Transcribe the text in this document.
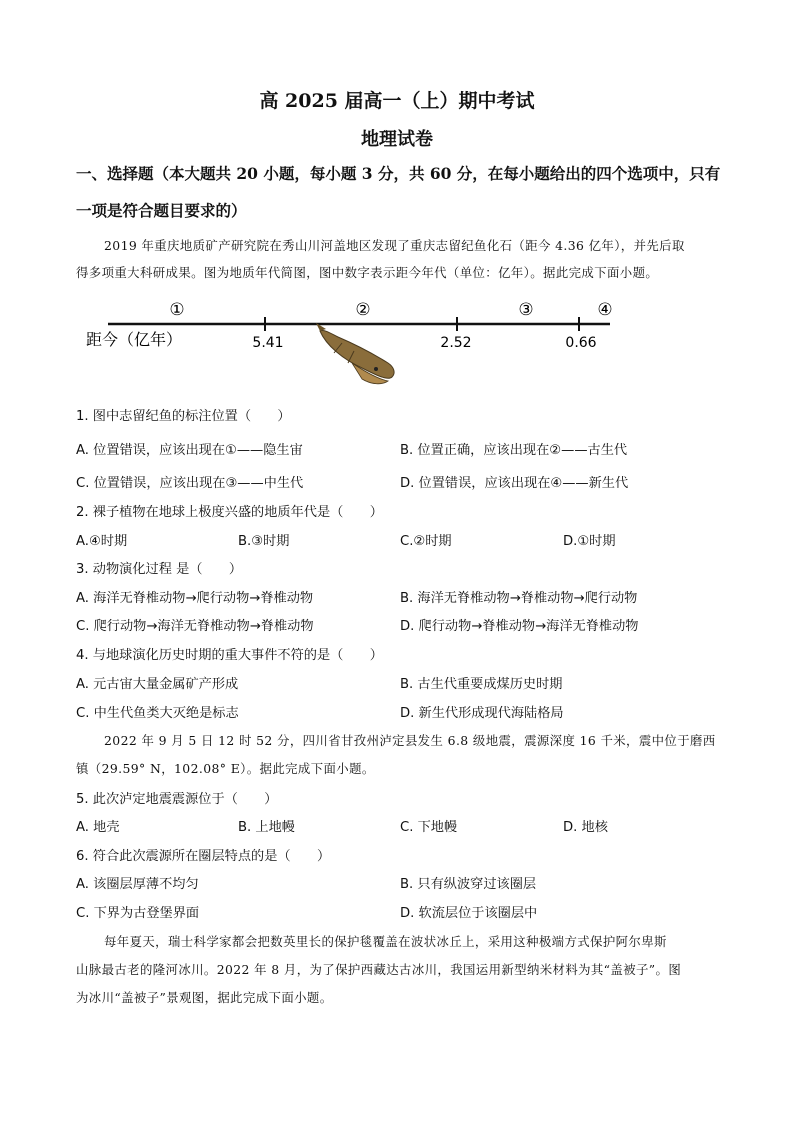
高 2025 届高一（上）期中考试
地理试卷
一、选择题（本大题共 20 小题，每小题 3 分，共 60 分，在每小题给出的四个选项中，只有
一项是符合题目要求的）
2019 年重庆地质矿产研究院在秀山川河盖地区发现了重庆志留纪鱼化石（距今 4.36 亿年），并先后取
得多项重大科研成果。图为地质年代简图，图中数字表示距今年代（单位：亿年）。据此完成下面小题。
①	②	③	④
距今（亿年）	5.41	2.52	0.66
1. 图中志留纪鱼的标注位置（　　）
A. 位置错误，应该出现在①——隐生宙	B. 位置正确，应该出现在②——古生代
C. 位置错误，应该出现在③——中生代	D. 位置错误，应该出现在④——新生代
2. 裸子植物在地球上极度兴盛的地质年代是（　　）
A.④时期	B.③时期	C.②时期	D.①时期
3. 动物演化过程 是（　　）
A. 海洋无脊椎动物→爬行动物→脊椎动物	B. 海洋无脊椎动物→脊椎动物→爬行动物
C. 爬行动物→海洋无脊椎动物→脊椎动物	D. 爬行动物→脊椎动物→海洋无脊椎动物
4. 与地球演化历史时期的重大事件不符的是（　　）
A. 元古宙大量金属矿产形成	B. 古生代重要成煤历史时期
C. 中生代鱼类大灭绝是标志	D. 新生代形成现代海陆格局
2022 年 9 月 5 日 12 时 52 分，四川省甘孜州泸定县发生 6.8 级地震，震源深度 16 千米，震中位于磨西
镇（29.59° N，102.08° E）。据此完成下面小题。
5. 此次泸定地震震源位于（　　）
A. 地壳	B. 上地幔	C. 下地幔	D. 地核
6. 符合此次震源所在圈层特点的是（　　）
A. 该圈层厚薄不均匀	B. 只有纵波穿过该圈层
C. 下界为古登堡界面	D. 软流层位于该圈层中
每年夏天，瑞士科学家都会把数英里长的保护毯覆盖在波状冰丘上，采用这种极端方式保护阿尔卑斯
山脉最古老的隆河冰川。2022 年 8 月，为了保护西藏达古冰川，我国运用新型纳米材料为其“盖被子”。图
为冰川“盖被子”景观图，据此完成下面小题。
